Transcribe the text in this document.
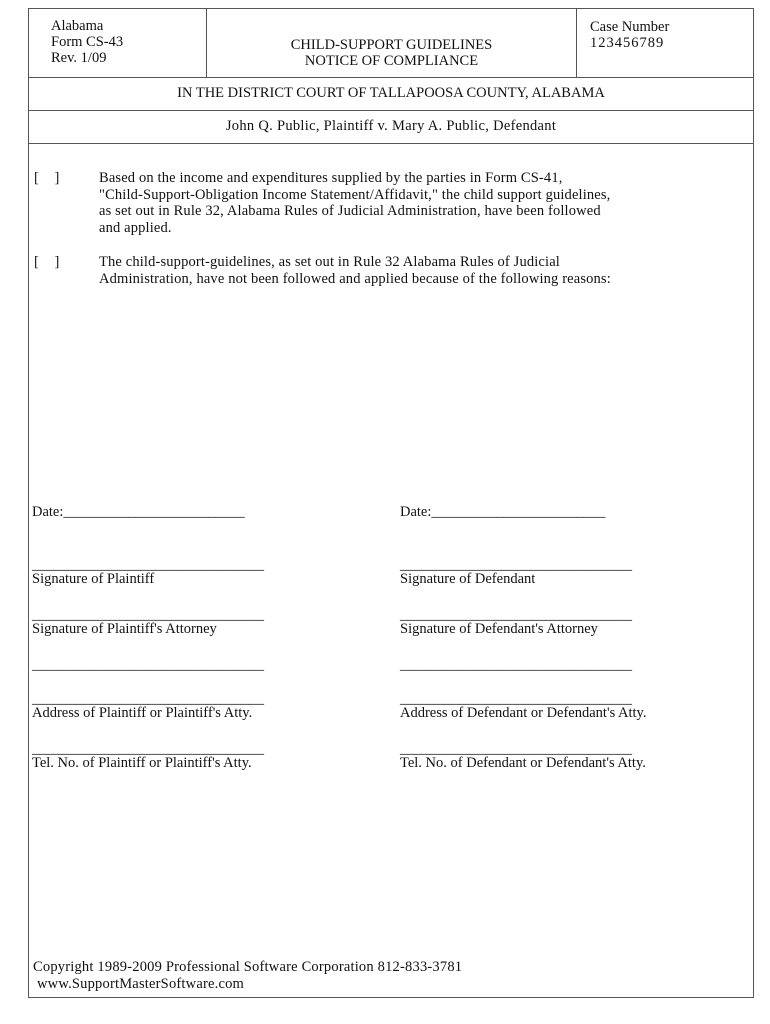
Alabama
Form CS-43
Rev. 1/09
CHILD-SUPPORT GUIDELINES
NOTICE OF COMPLIANCE
Case Number
123456789
IN THE DISTRICT COURT OF TALLAPOOSA COUNTY, ALABAMA
John Q. Public, Plaintiff v. Mary A. Public, Defendant
[ ] Based on the income and expenditures supplied by the parties in Form CS-41,
"Child-Support-Obligation Income Statement/Affidavit," the child support guidelines,
as set out in Rule 32, Alabama Rules of Judicial Administration, have been followed
and applied.
[ ] The child-support-guidelines, as set out in Rule 32 Alabama Rules of Judicial
Administration, have not been followed and applied because of the following reasons:
Date:_________________________	Date:________________________
________________________________	________________________________
Signature of Plaintiff	Signature of Defendant
________________________________	________________________________
Signature of Plaintiff's Attorney	Signature of Defendant's Attorney
________________________________	________________________________
________________________________	________________________________
Address of Plaintiff or Plaintiff's Atty.	Address of Defendant or Defendant's Atty.
________________________________	________________________________
Tel. No. of Plaintiff or Plaintiff's Atty.	Tel. No. of Defendant or Defendant's Atty.
Copyright 1989-2009 Professional Software Corporation 812-833-3781
www.SupportMasterSoftware.com
